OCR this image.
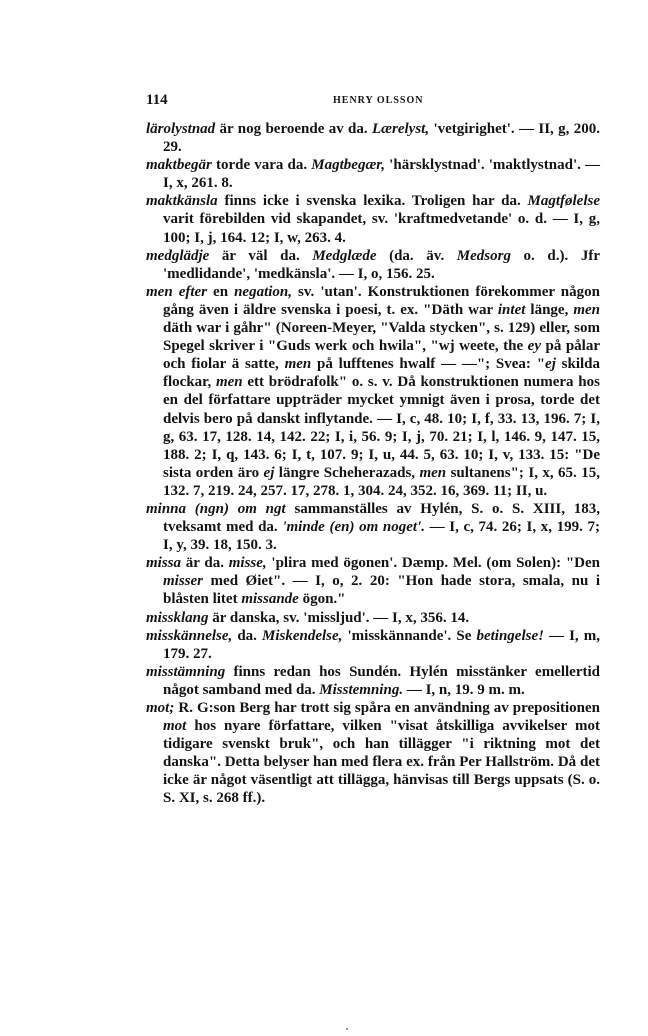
114	HENRY OLSSON

lärolystnad är nog beroende av da. Lærelyst, 'vetgirighet'. — II, g, 200. 29.

maktbegär torde vara da. Magtbegær, 'härsklystnad'. 'maktlystnad'. — I, x, 261. 8.

maktkänsla finns icke i svenska lexika. Troligen har da. Magtfølelse varit förebilden vid skapandet, sv. 'kraftmedvetande' o. d. — I, g, 100; I, j, 164. 12; I, w, 263. 4.

medglädje är väl da. Medglæde (da. äv. Medsorg o. d.). Jfr 'medlidande', 'medkänsla'. — I, o, 156. 25.

men efter en negation, sv. 'utan'. Konstruktionen förekommer någon gång även i äldre svenska i poesi, t. ex. "Däth war intet länge, men däth war i gåhr" (Noreen-Meyer, "Valda stycken", s. 129) eller, som Spegel skriver i "Guds werk och hwila", "wj weete, the ey på pålar och fiolar ä satte, men på lufftenes hwalf — —"; Svea: "ej skilda flockar, men ett brödrafolk" o. s. v. Då konstruktionen numera hos en del författare uppträder mycket ymnigt även i prosa, torde det delvis bero på danskt inflytande. — I, c, 48. 10; I, f, 33. 13, 196. 7; I, g, 63. 17, 128. 14, 142. 22; I, i, 56. 9; I, j, 70. 21; I, l, 146. 9, 147. 15, 188. 2; I, q, 143. 6; I, t, 107. 9; I, u, 44. 5, 63. 10; I, v, 133. 15: "De sista orden äro ej längre Scheherazads, men sultanens"; I, x, 65. 15, 132. 7, 219. 24, 257. 17, 278. 1, 304. 24, 352. 16, 369. 11; II, u.

minna (ngn) om ngt sammanställes av Hylén, S. o. S. XIII, 183, tveksamt med da. 'minde (en) om noget'. — I, c, 74. 26; I, x, 199. 7; I, y, 39. 18, 150. 3.

missa är da. misse, 'plira med ögonen'. Dæmp. Mel. (om Solen): "Den misser med Øiet". — I, o, 2. 20: "Hon hade stora, smala, nu i blåsten litet missande ögon."

missklang är danska, sv. 'missljud'. — I, x, 356. 14.

misskännelse, da. Miskendelse, 'misskännande'. Se betingelse! — I, m, 179. 27.

misstämning finns redan hos Sundén. Hylén misstänker emellertid något samband med da. Misstemning. — I, n, 19. 9 m. m.

mot; R. G:son Berg har trott sig spåra en användning av prepositionen mot hos nyare författare, vilken "visat åtskilliga avvikelser mot tidigare svenskt bruk", och han tillägger "i riktning mot det danska". Detta belyser han med flera ex. från Per Hallström. Då det icke är något väsentligt att tillägga, hänvisas till Bergs uppsats (S. o. S. XI, s. 268 ff.).
